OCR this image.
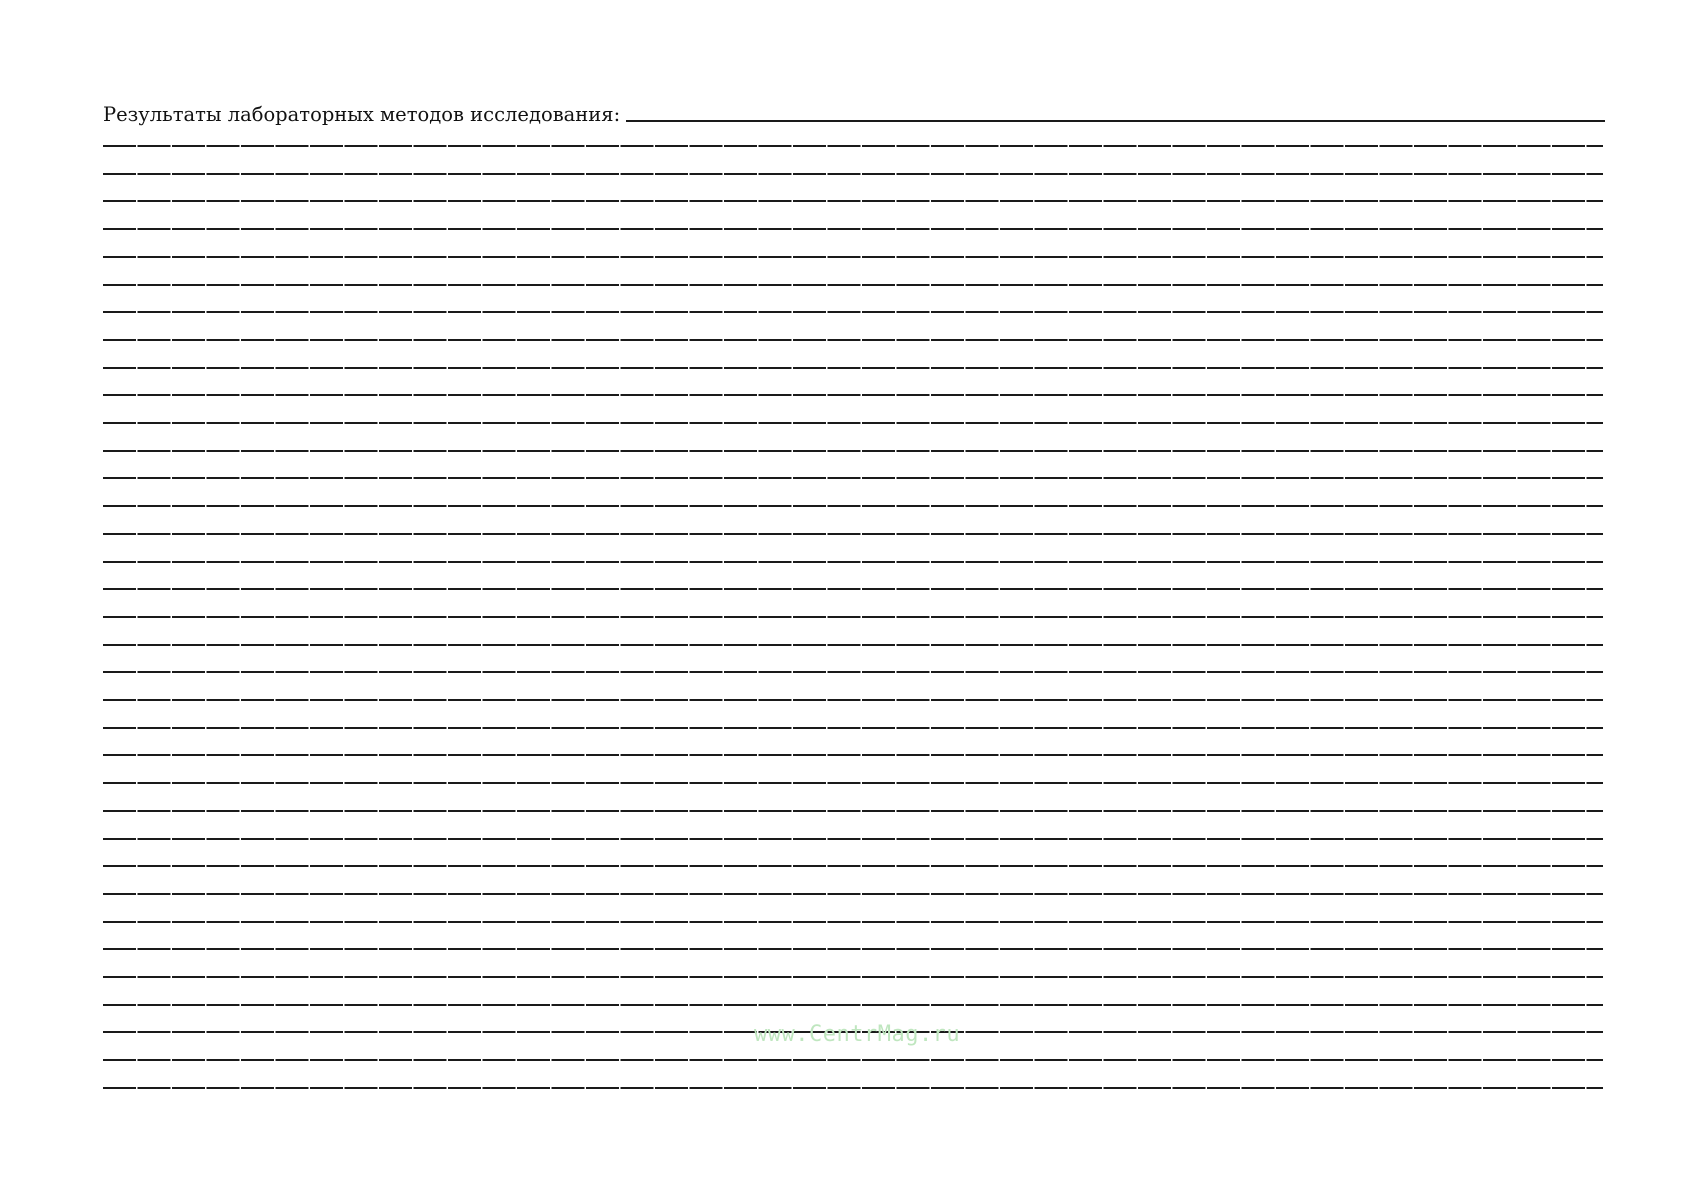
Результаты лабораторных методов исследования:
www.CentrMag.ru
